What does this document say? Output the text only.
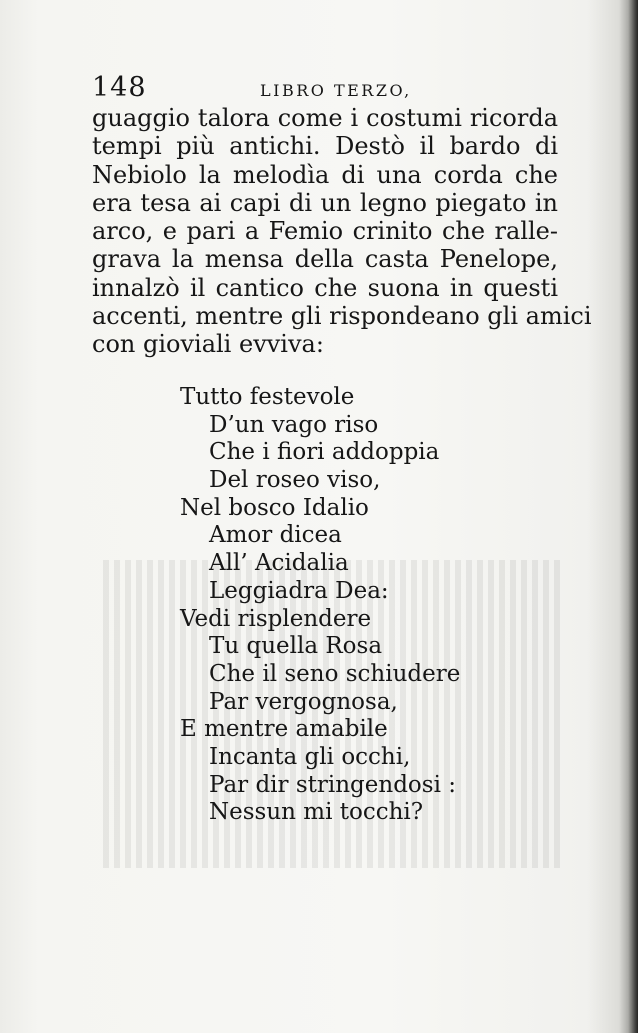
148	LIBRO TERZO,
guaggio talora come i costumi ricorda
tempi più antichi. Destò il bardo di
Nebiolo la melodìa di una corda che
era tesa ai capi di un legno piegato in
arco, e pari a Femio crinito che ralle-
grava la mensa della casta Penelope,
innalzò il cantico che suona in questi
accenti, mentre gli rispondeano gli amici
con gioviali evviva:
Tutto festevole
D’un vago riso
Che i fiori addoppia
Del roseo viso,
Nel bosco Idalio
Amor dicea
All’ Acidalia
Leggiadra Dea:
Vedi risplendere
Tu quella Rosa
Che il seno schiudere
Par vergognosa,
E mentre amabile
Incanta gli occhi,
Par dir stringendosi :
Nessun mi tocchi?
